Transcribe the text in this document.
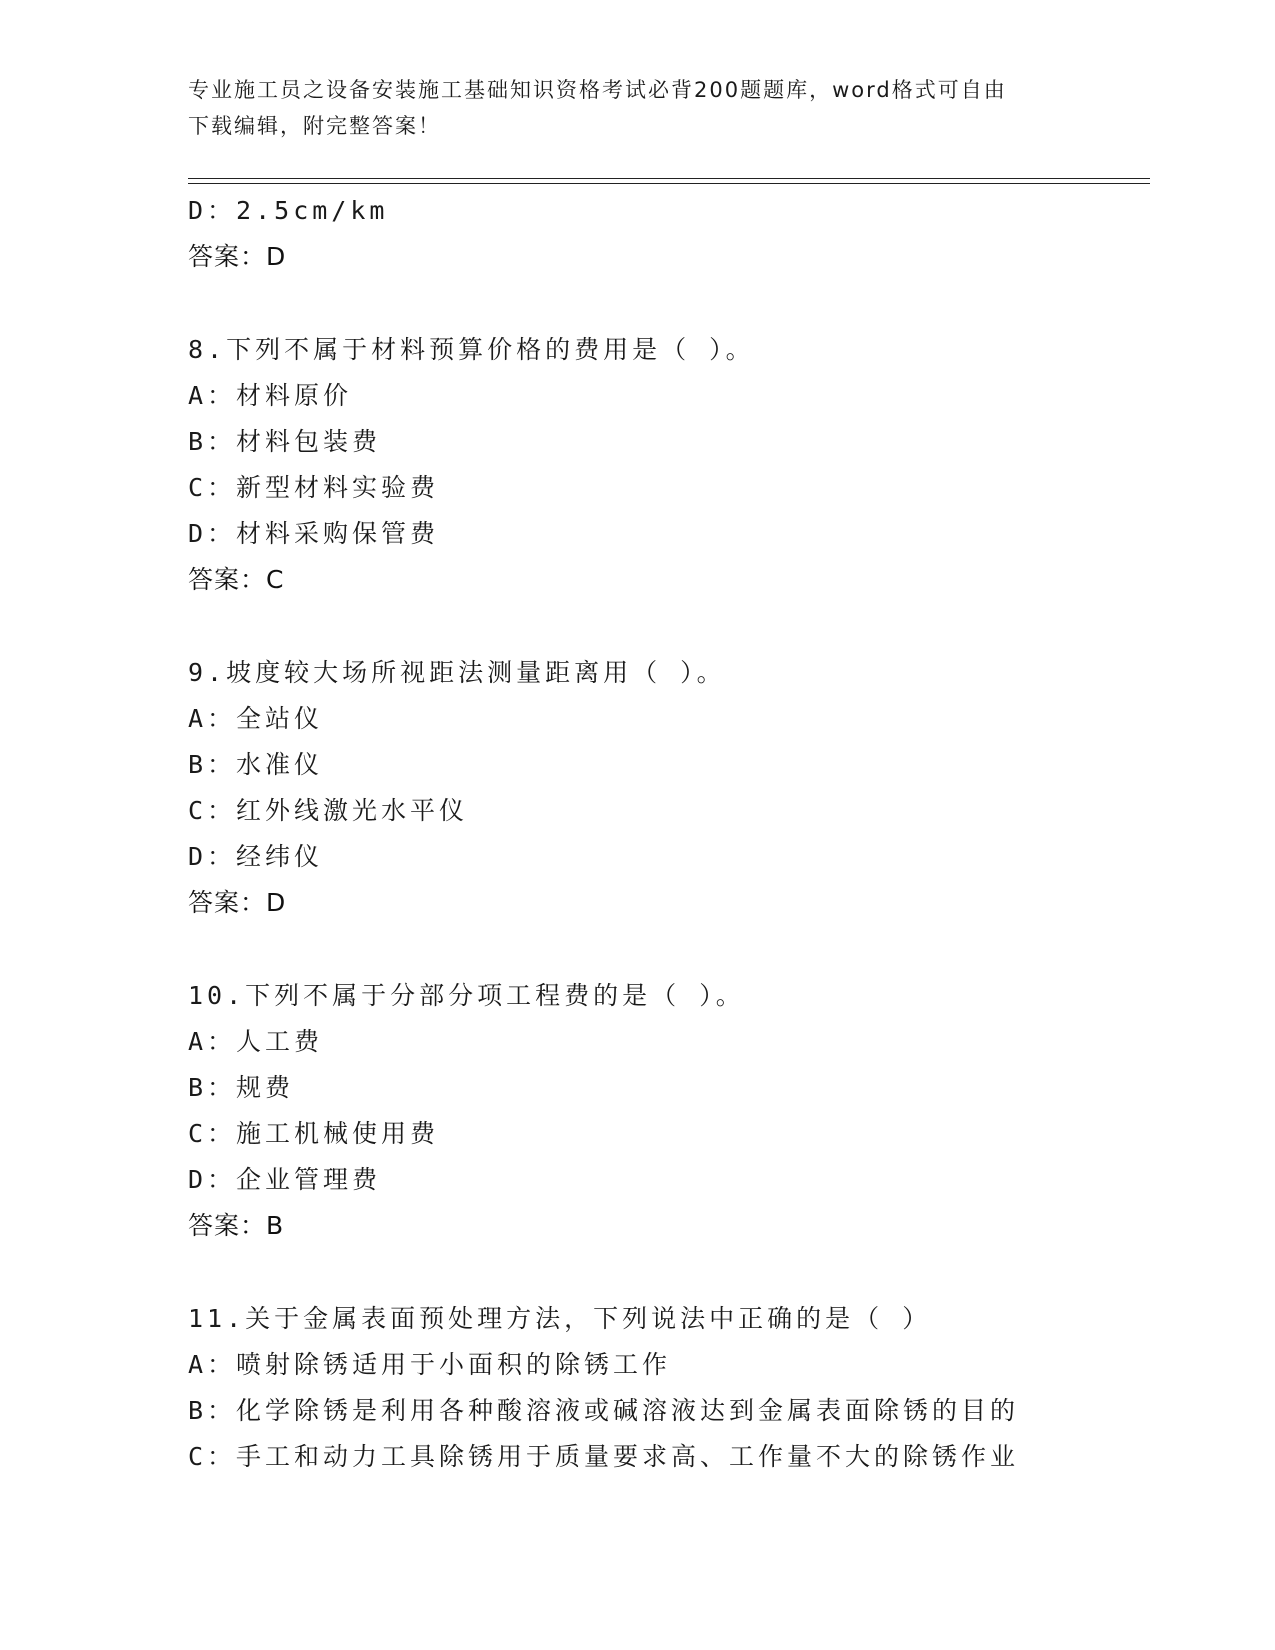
专业施工员之设备安装施工基础知识资格考试必背200题题库，word格式可自由
下载编辑，附完整答案！
D：2.5cm/km
答案：D
8.下列不属于材料预算价格的费用是（ ）。
A：材料原价
B：材料包装费
C：新型材料实验费
D：材料采购保管费
答案：C
9.坡度较大场所视距法测量距离用（ ）。
A：全站仪
B：水准仪
C：红外线激光水平仪
D：经纬仪
答案：D
10.下列不属于分部分项工程费的是（ ）。
A：人工费
B：规费
C：施工机械使用费
D：企业管理费
答案：B
11.关于金属表面预处理方法，下列说法中正确的是（ ）
A：喷射除锈适用于小面积的除锈工作
B：化学除锈是利用各种酸溶液或碱溶液达到金属表面除锈的目的
C：手工和动力工具除锈用于质量要求高、工作量不大的除锈作业
